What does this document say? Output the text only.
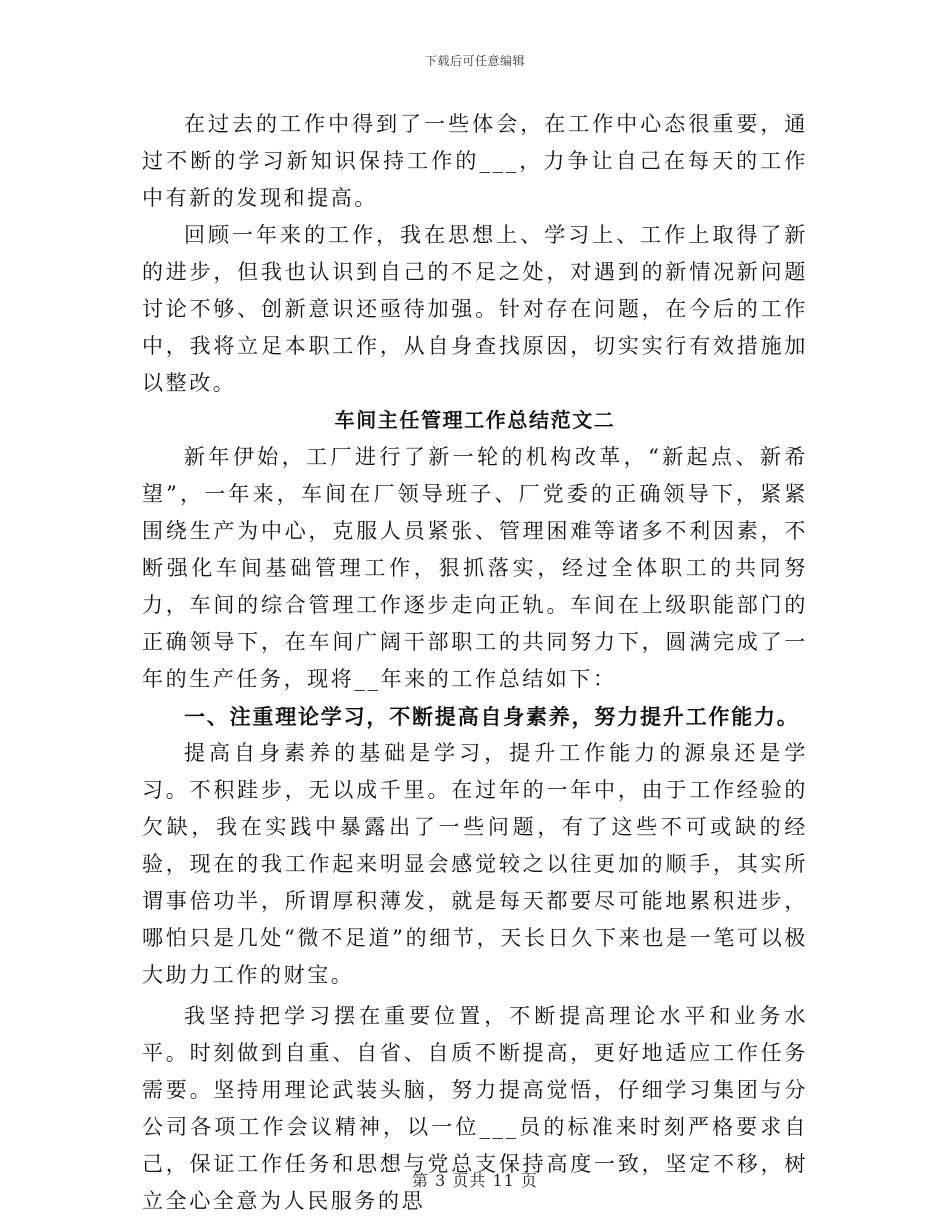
下载后可任意编辑

在过去的工作中得到了一些体会，在工作中心态很重要，通过不断的学习新知识保持工作的___，力争让自己在每天的工作中有新的发现和提高。

回顾一年来的工作，我在思想上、学习上、工作上取得了新的进步，但我也认识到自己的不足之处，对遇到的新情况新问题讨论不够、创新意识还亟待加强。针对存在问题，在今后的工作中，我将立足本职工作，从自身查找原因，切实实行有效措施加以整改。

车间主任管理工作总结范文二

新年伊始，工厂进行了新一轮的机构改革，“新起点、新希望”，一年来，车间在厂领导班子、厂党委的正确领导下，紧紧围绕生产为中心，克服人员紧张、管理困难等诸多不利因素，不断强化车间基础管理工作，狠抓落实，经过全体职工的共同努力，车间的综合管理工作逐步走向正轨。车间在上级职能部门的正确领导下，在车间广阔干部职工的共同努力下，圆满完成了一年的生产任务，现将__年来的工作总结如下：

一、注重理论学习，不断提高自身素养，努力提升工作能力。

提高自身素养的基础是学习，提升工作能力的源泉还是学习。不积跬步，无以成千里。在过年的一年中，由于工作经验的欠缺，我在实践中暴露出了一些问题，有了这些不可或缺的经验，现在的我工作起来明显会感觉较之以往更加的顺手，其实所谓事倍功半，所谓厚积薄发，就是每天都要尽可能地累积进步，哪怕只是几处“微不足道”的细节，天长日久下来也是一笔可以极大助力工作的财宝。

我坚持把学习摆在重要位置，不断提高理论水平和业务水平。时刻做到自重、自省、自质不断提高，更好地适应工作任务需要。坚持用理论武装头脑，努力提高觉悟，仔细学习集团与分公司各项工作会议精神，以一位___员的标准来时刻严格要求自己，保证工作任务和思想与党总支保持高度一致，坚定不移，树立全心全意为人民服务的思

第 3 页共 11 页
